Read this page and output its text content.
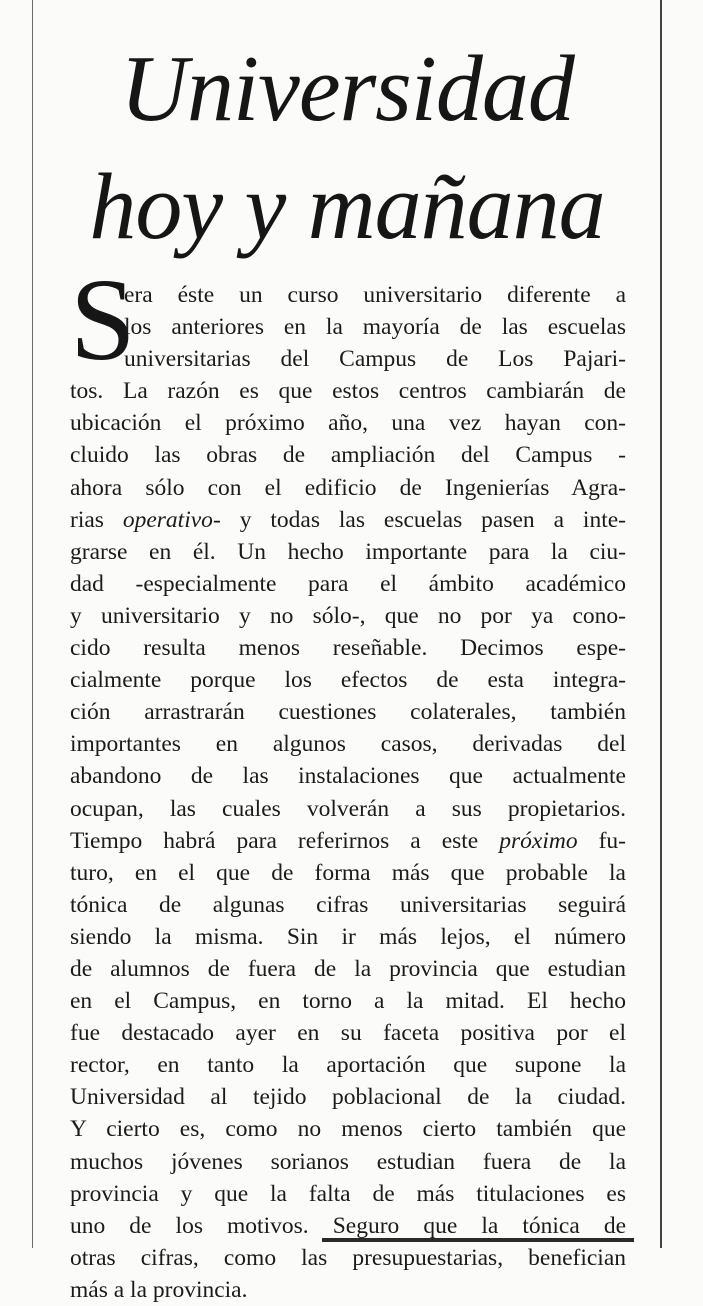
Universidad
hoy y mañana
S
era éste un curso universitario diferente a
los anteriores en la mayoría de las escuelas
universitarias del Campus de Los Pajari-
tos. La razón es que estos centros cambiarán de
ubicación el próximo año, una vez hayan con-
cluido las obras de ampliación del Campus -
ahora sólo con el edificio de Ingenierías Agra-
rias operativo- y todas las escuelas pasen a inte-
grarse en él. Un hecho importante para la ciu-
dad -especialmente para el ámbito académico
y universitario y no sólo-, que no por ya cono-
cido resulta menos reseñable. Decimos espe-
cialmente porque los efectos de esta integra-
ción arrastrarán cuestiones colaterales, también
importantes en algunos casos, derivadas del
abandono de las instalaciones que actualmente
ocupan, las cuales volverán a sus propietarios.
Tiempo habrá para referirnos a este próximo fu-
turo, en el que de forma más que probable la
tónica de algunas cifras universitarias seguirá
siendo la misma. Sin ir más lejos, el número
de alumnos de fuera de la provincia que estudian
en el Campus, en torno a la mitad. El hecho
fue destacado ayer en su faceta positiva por el
rector, en tanto la aportación que supone la
Universidad al tejido poblacional de la ciudad.
Y cierto es, como no menos cierto también que
muchos jóvenes sorianos estudian fuera de la
provincia y que la falta de más titulaciones es
uno de los motivos. Seguro que la tónica de
otras cifras, como las presupuestarias, benefician
más a la provincia.
